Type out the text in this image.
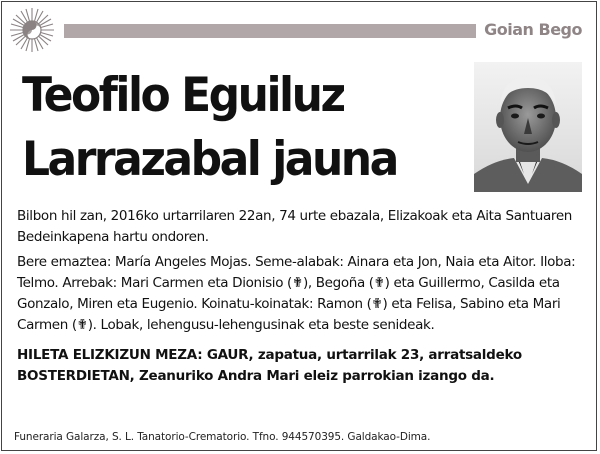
Goian Bego
Teofilo Eguiluz
Larrazabal jauna
Bilbon hil zan, 2016ko urtarrilaren 22an, 74 urte ebazala, Elizakoak eta Aita Santuaren Bedeinkapena hartu ondoren.
Bere emaztea: María Angeles Mojas. Seme-alabak: Ainara eta Jon, Naia eta Aitor. Iloba: Telmo. Arrebak: Mari Carmen eta Dionisio (✟), Begoña (✟) eta Guillermo, Casilda eta Gonzalo, Miren eta Eugenio. Koinatu-koinatak: Ramon (✟) eta Felisa, Sabino eta Mari Carmen (✟). Lobak, lehengusu-lehengusinak eta beste senideak.
HILETA ELIZKIZUN MEZA: GAUR, zapatua, urtarrilak 23, arratsaldeko BOSTERDIETAN, Zeanuriko Andra Mari eleiz parrokian izango da.
Funeraria Galarza, S. L. Tanatorio-Crematorio. Tfno. 944570395. Galdakao-Dima.
